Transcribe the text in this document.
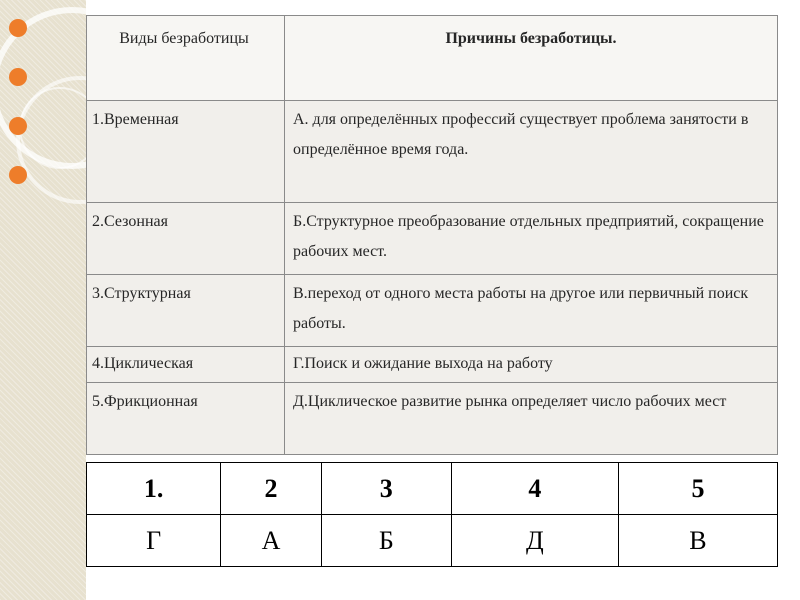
Виды безработицы	Причины безработицы.
1.Временная	А. для определённых профессий существует проблема занятости в определённое время года.
2.Сезонная	Б.Структурное преобразование отдельных предприятий, сокращение рабочих мест.
3.Структурная	В.переход от одного места работы на другое или первичный поиск работы.
4.Циклическая	Г.Поиск и ожидание выхода на работу
5.Фрикционная	Д.Циклическое развитие рынка определяет число рабочих мест
1.	2	3	4	5
Г	А	Б	Д	В
